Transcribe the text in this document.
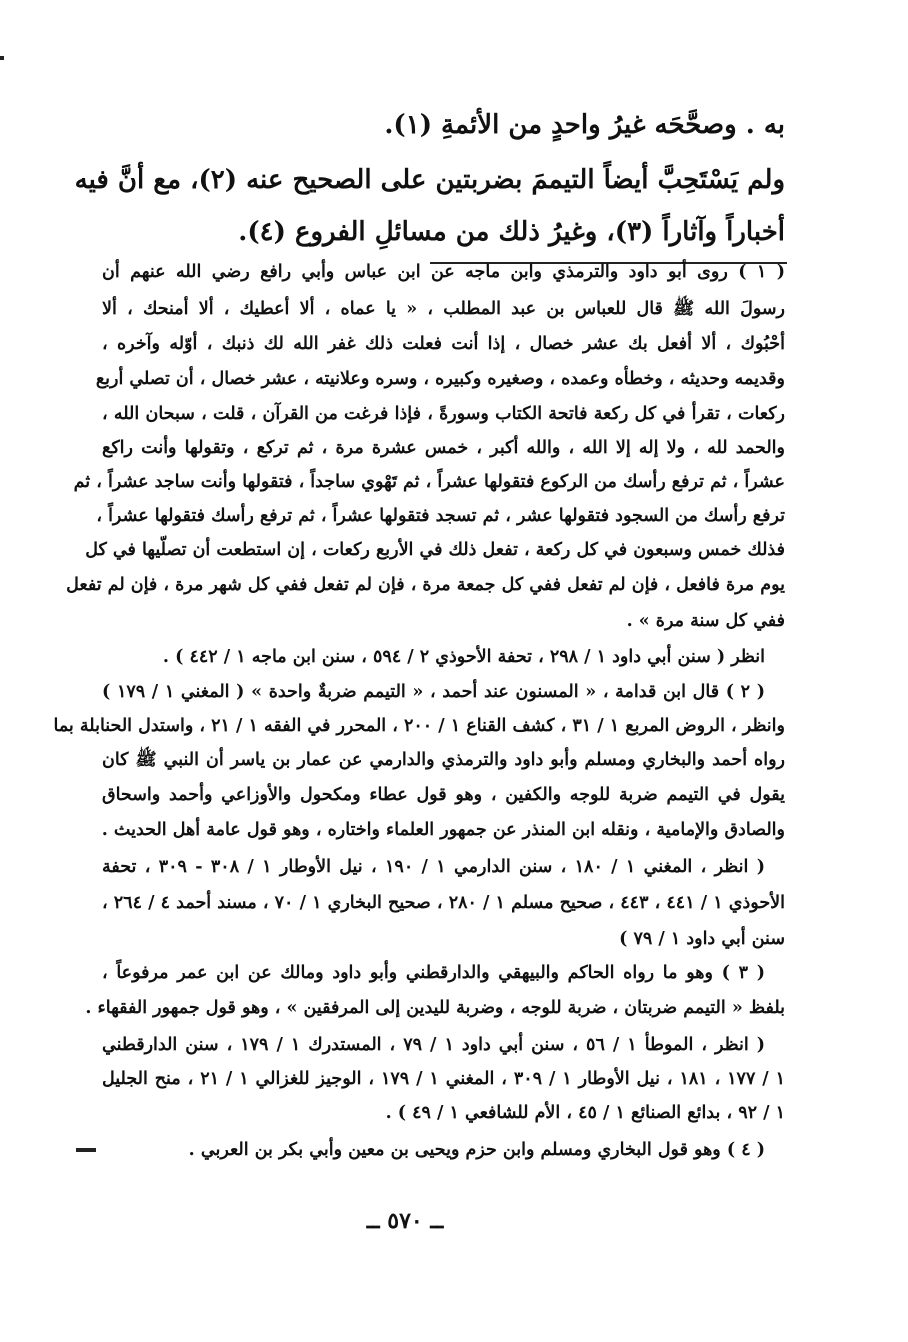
به . وصحَّحَه غيرُ واحدٍ من الأئمةِ (١).
ولم يَسْتَحِبَّ أيضاً التيممَ بضربتين على الصحيح عنه (٢)، مع أنَّ فيه
أخباراً وآثاراً (٣)، وغيرُ ذلك من مسائلِ الفروع (٤).
( ١ ) روى أبو داود والترمذي وابن ماجه عن ابن عباس وأبي رافع رضي الله عنهم أن
رسولَ الله ﷺ قال للعباس بن عبد المطلب ، « يا عماه ، ألا أعطيك ، ألا أمنحك ، ألا
أحْبُوك ، ألا أفعل بك عشر خصال ، إذا أنت فعلت ذلك غفر الله لك ذنبك ، أوّله وآخره ،
وقديمه وحديثه ، وخطأه وعمده ، وصغيره وكبيره ، وسره وعلانيته ، عشر خصال ، أن تصلي أربع
ركعات ، تقرأ في كل ركعة فاتحة الكتاب وسورةً ، فإذا فرغت من القرآن ، قلت ، سبحان الله ،
والحمد لله ، ولا إله إلا الله ، والله أكبر ، خمس عشرة مرة ، ثم تركع ، وتقولها وأنت راكع
عشراً ، ثم ترفع رأسك من الركوع فتقولها عشراً ، ثم تَهْوي ساجداً ، فتقولها وأنت ساجد عشراً ، ثم
ترفع رأسك من السجود فتقولها عشر ، ثم تسجد فتقولها عشراً ، ثم ترفع رأسك فتقولها عشراً ،
فذلك خمس وسبعون في كل ركعة ، تفعل ذلك في الأربع ركعات ، إن استطعت أن تصلّيها في كل
يوم مرة فافعل ، فإن لم تفعل ففي كل جمعة مرة ، فإن لم تفعل ففي كل شهر مرة ، فإن لم تفعل
ففي كل سنة مرة » .
انظر ( سنن أبي داود ١ / ٢٩٨ ، تحفة الأحوذي ٢ / ٥٩٤ ، سنن ابن ماجه ١ / ٤٤٢ ) .
( ٢ ) قال ابن قدامة ، « المسنون عند أحمد ، « التيمم ضربةٌ واحدة » ( المغني ١ / ١٧٩ )
وانظر ، الروض المربع ١ / ٣١ ، كشف القناع ١ / ٢٠٠ ، المحرر في الفقه ١ / ٢١ ، واستدل الحنابلة بما
رواه أحمد والبخاري ومسلم وأبو داود والترمذي والدارمي عن عمار بن ياسر أن النبي ﷺ كان
يقول في التيمم ضربة للوجه والكفين ، وهو قول عطاء ومكحول والأوزاعي وأحمد واسحاق
والصادق والإمامية ، ونقله ابن المنذر عن جمهور العلماء واختاره ، وهو قول عامة أهل الحديث .
( انظر ، المغني ١ / ١٨٠ ، سنن الدارمي ١ / ١٩٠ ، نيل الأوطار ١ / ٣٠٨ - ٣٠٩ ، تحفة
الأحوذي ١ / ٤٤١ ، ٤٤٣ ، صحيح مسلم ١ / ٢٨٠ ، صحيح البخاري ١ / ٧٠ ، مسند أحمد ٤ / ٢٦٤ ،
سنن أبي داود ١ / ٧٩ )
( ٣ ) وهو ما رواه الحاكم والبيهقي والدارقطني وأبو داود ومالك عن ابن عمر مرفوعاً ،
بلفظ « التيمم ضربتان ، ضربة للوجه ، وضربة لليدين إلى المرفقين » ، وهو قول جمهور الفقهاء .
( انظر ، الموطأ ١ / ٥٦ ، سنن أبي داود ١ / ٧٩ ، المستدرك ١ / ١٧٩ ، سنن الدارقطني
١ / ١٧٧ ، ١٨١ ، نيل الأوطار ١ / ٣٠٩ ، المغني ١ / ١٧٩ ، الوجيز للغزالي ١ / ٢١ ، منح الجليل
١ / ٩٢ ، بدائع الصنائع ١ / ٤٥ ، الأم للشافعي ١ / ٤٩ ) .
( ٤ ) وهو قول البخاري ومسلم وابن حزم ويحيى بن معين وأبي بكر بن العربي .
ــ ٥٧٠ ــ
